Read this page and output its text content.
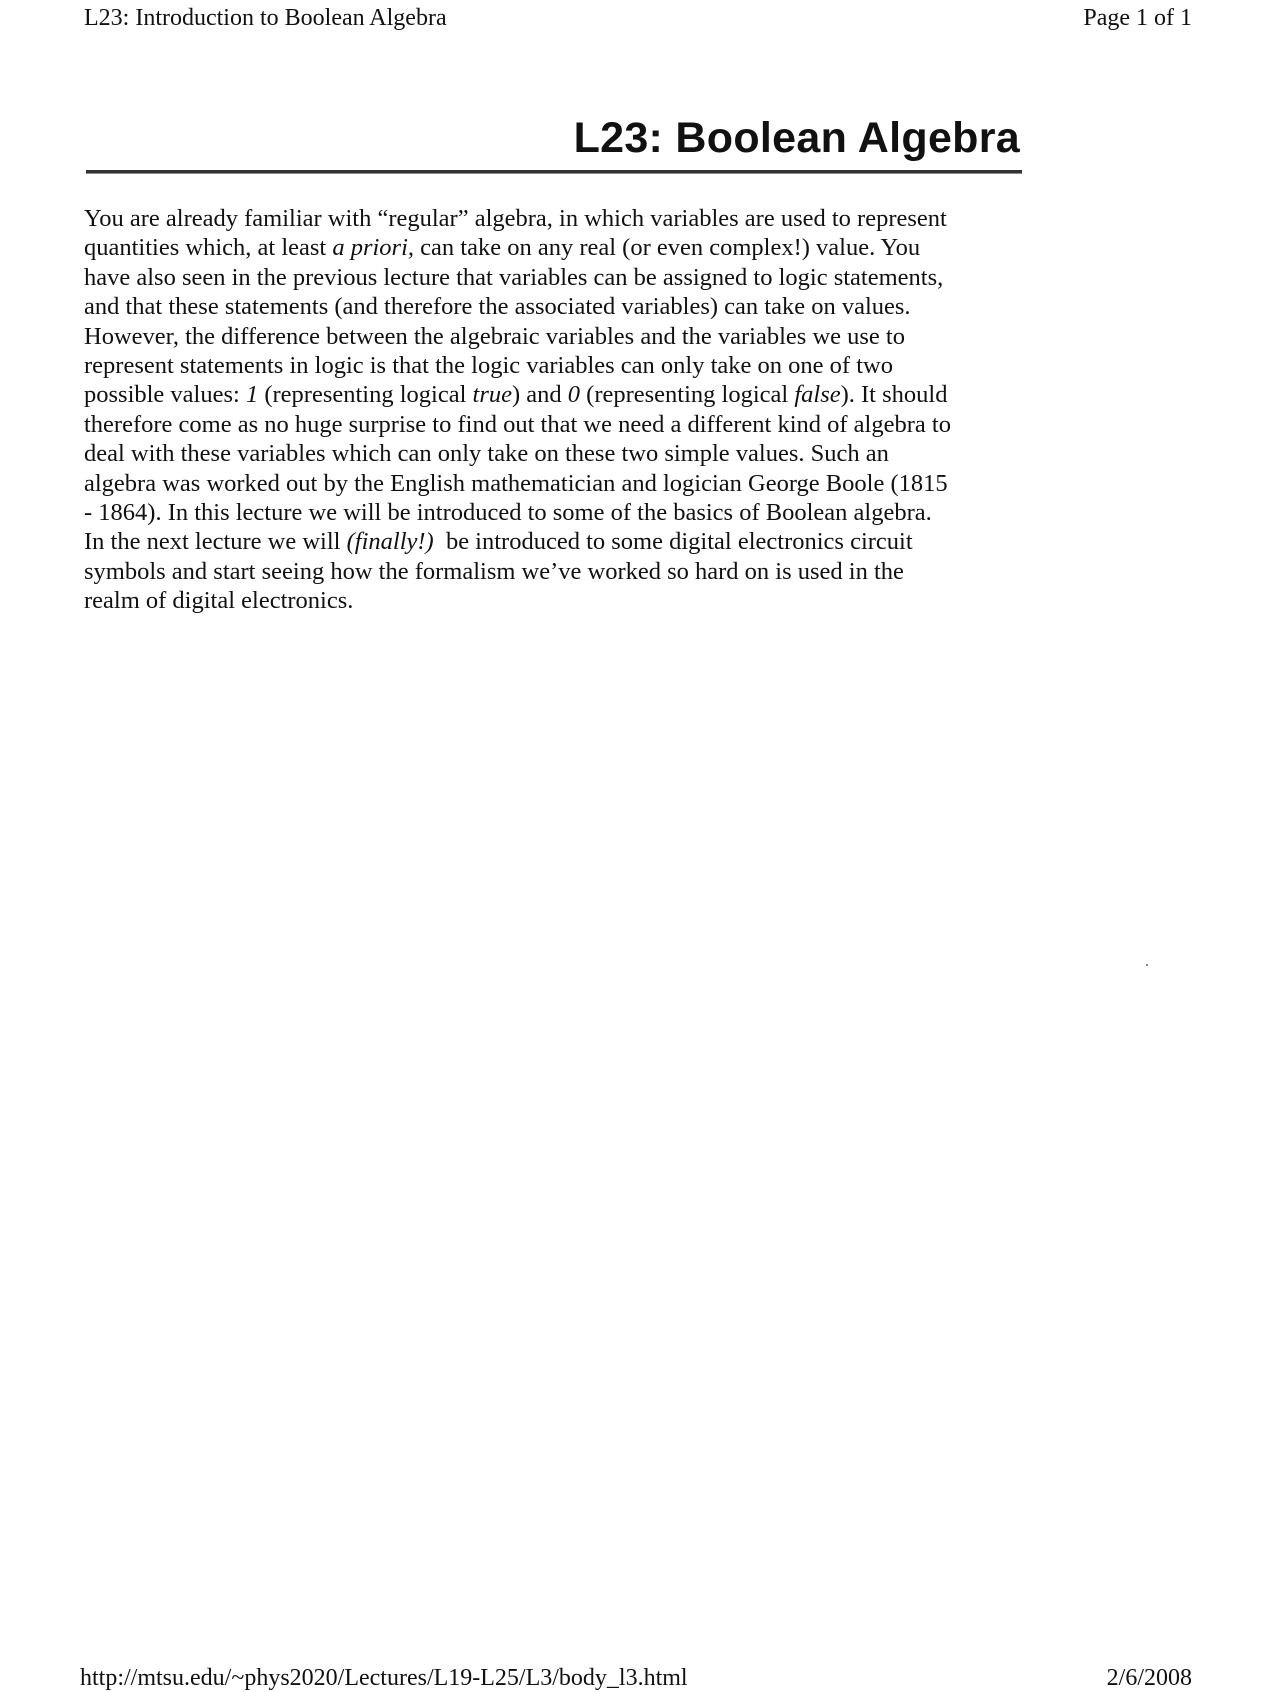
L23: Introduction to Boolean Algebra	Page 1 of 1
L23: Boolean Algebra

You are already familiar with “regular” algebra, in which variables are used to represent
quantities which, at least a priori, can take on any real (or even complex!) value. You
have also seen in the previous lecture that variables can be assigned to logic statements,
and that these statements (and therefore the associated variables) can take on values.
However, the difference between the algebraic variables and the variables we use to
represent statements in logic is that the logic variables can only take on one of two
possible values: 1 (representing logical true) and 0 (representing logical false). It should
therefore come as no huge surprise to find out that we need a different kind of algebra to
deal with these variables which can only take on these two simple values. Such an
algebra was worked out by the English mathematician and logician George Boole (1815
- 1864). In this lecture we will be introduced to some of the basics of Boolean algebra.
In the next lecture we will (finally!)  be introduced to some digital electronics circuit
symbols and start seeing how the formalism we’ve worked so hard on is used in the
realm of digital electronics.

http://mtsu.edu/~phys2020/Lectures/L19-L25/L3/body_l3.html	2/6/2008
